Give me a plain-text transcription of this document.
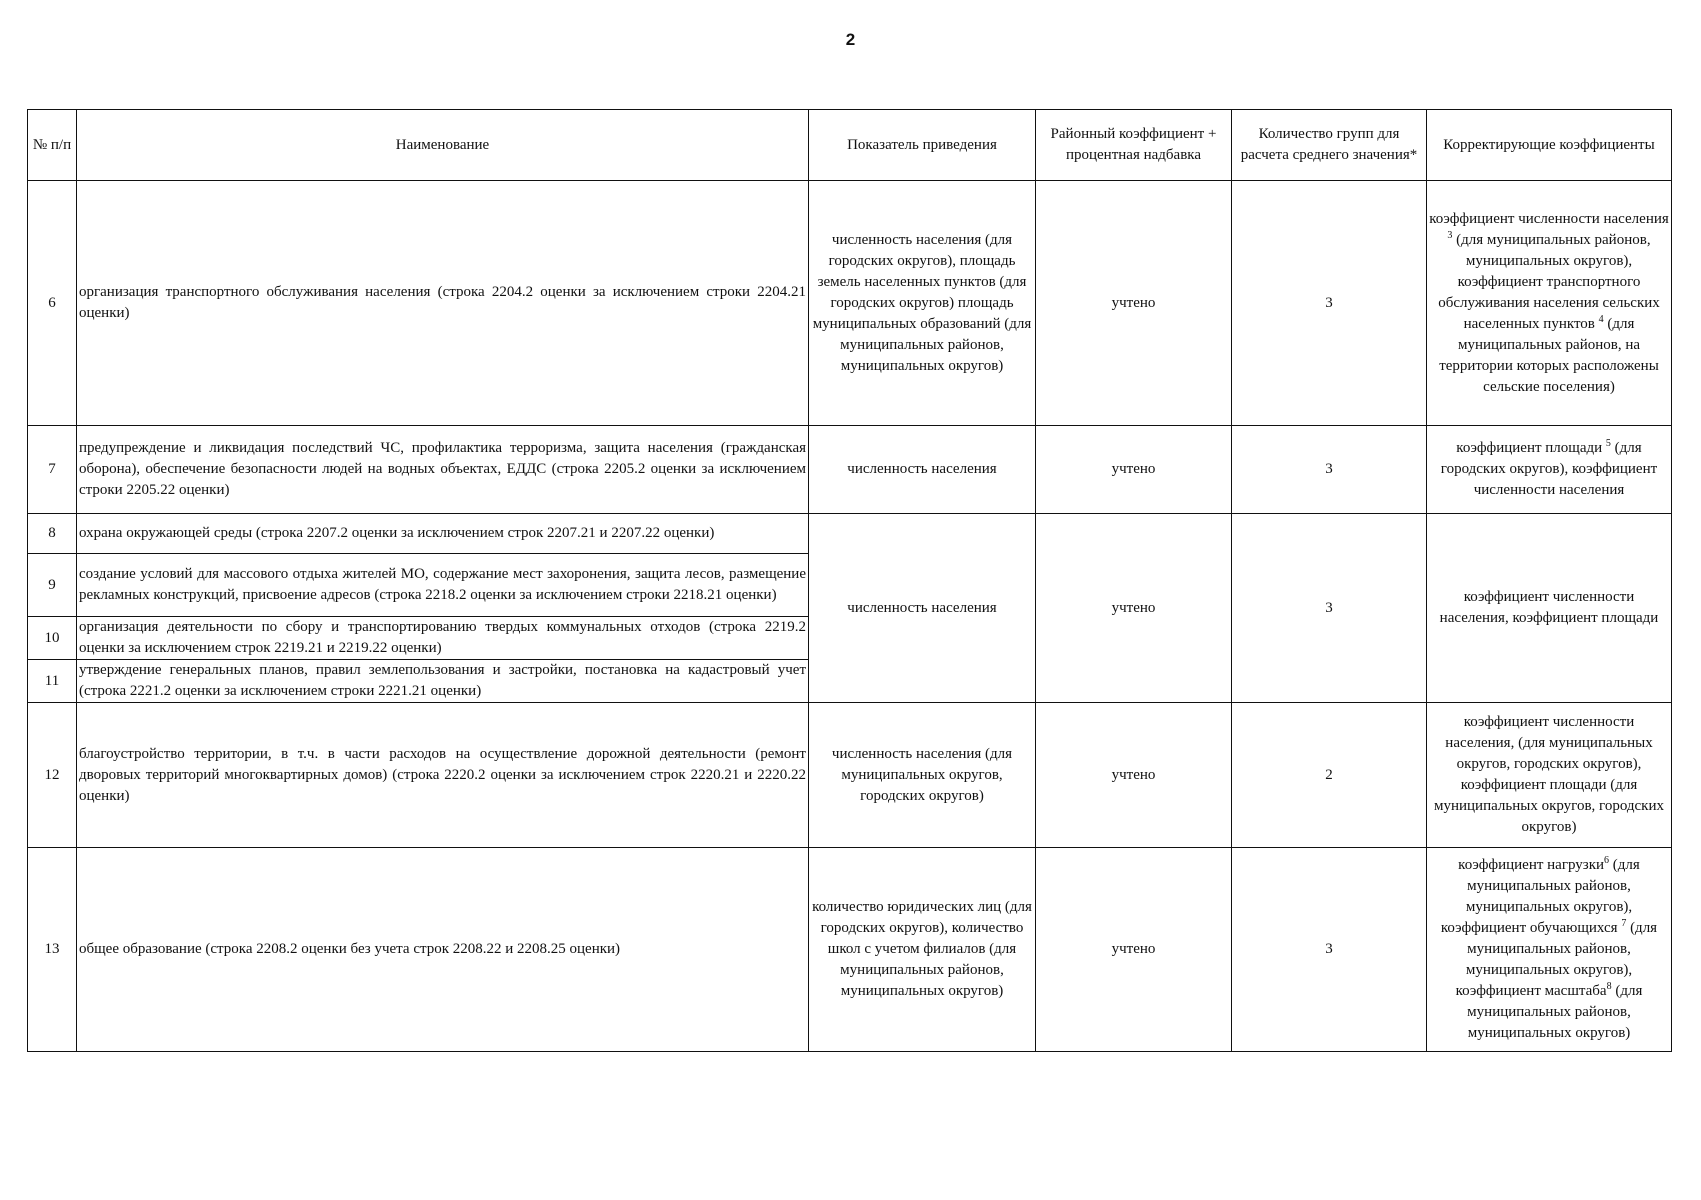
2
№ п/п	Наименование	Показатель приведения	Районный коэффициент + процентная надбавка	Количество групп для расчета среднего значения*	Корректирующие коэффициенты
6	организация транспортного обслуживания населения (строка 2204.2 оценки за исключением строки 2204.21 оценки)	численность населения (для городских округов), площадь земель населенных пунктов (для городских округов) площадь муниципальных образований (для муниципальных районов, муниципальных округов)	учтено	3	коэффициент численности населения $^3$ (для муниципальных районов, муниципальных округов), коэффициент транспортного обслуживания населения сельских населенных пунктов $^4$ (для муниципальных районов, на территории которых расположены сельские поселения)
7	предупреждение и ликвидация последствий ЧС, профилактика терроризма, защита населения (гражданская оборона), обеспечение безопасности людей на водных объектах, ЕДДС (строка 2205.2 оценки за исключением строки 2205.22 оценки)	численность населения	учтено	3	коэффициент площади $^5$ (для городских округов), коэффициент численности населения
8	охрана окружающей среды (строка 2207.2 оценки за исключением строк 2207.21 и 2207.22 оценки)	численность населения	учтено	3	коэффициент численности населения, коэффициент площади
9	создание условий для массового отдыха жителей МО, содержание мест захоронения, защита лесов, размещение рекламных конструкций, присвоение адресов (строка 2218.2 оценки за исключением строки 2218.21 оценки)				
10	организация деятельности по сбору и транспортированию твердых коммунальных отходов (строка 2219.2 оценки за исключением строк 2219.21 и 2219.22 оценки)				
11	утверждение генеральных планов, правил землепользования и застройки, постановка на кадастровый учет (строка 2221.2 оценки за исключением строки 2221.21 оценки)				
12	благоустройство территории, в т.ч. в части расходов на осуществление дорожной деятельности (ремонт дворовых территорий многоквартирных домов) (строка 2220.2 оценки за исключением строк 2220.21 и 2220.22 оценки)	численность населения (для муниципальных округов, городских округов)	учтено	2	коэффициент численности населения, (для муниципальных округов, городских округов), коэффициент площади (для муниципальных округов, городских округов)
13	общее образование (строка 2208.2 оценки без учета строк 2208.22 и 2208.25 оценки)	количество юридических лиц (для городских округов), количество школ с учетом филиалов (для муниципальных районов, муниципальных округов)	учтено	3	коэффициент нагрузки$^6$ (для муниципальных районов, муниципальных округов), коэффициент обучающихся $^7$ (для муниципальных районов, муниципальных округов), коэффициент масштаба$^8$ (для муниципальных районов, муниципальных округов)
